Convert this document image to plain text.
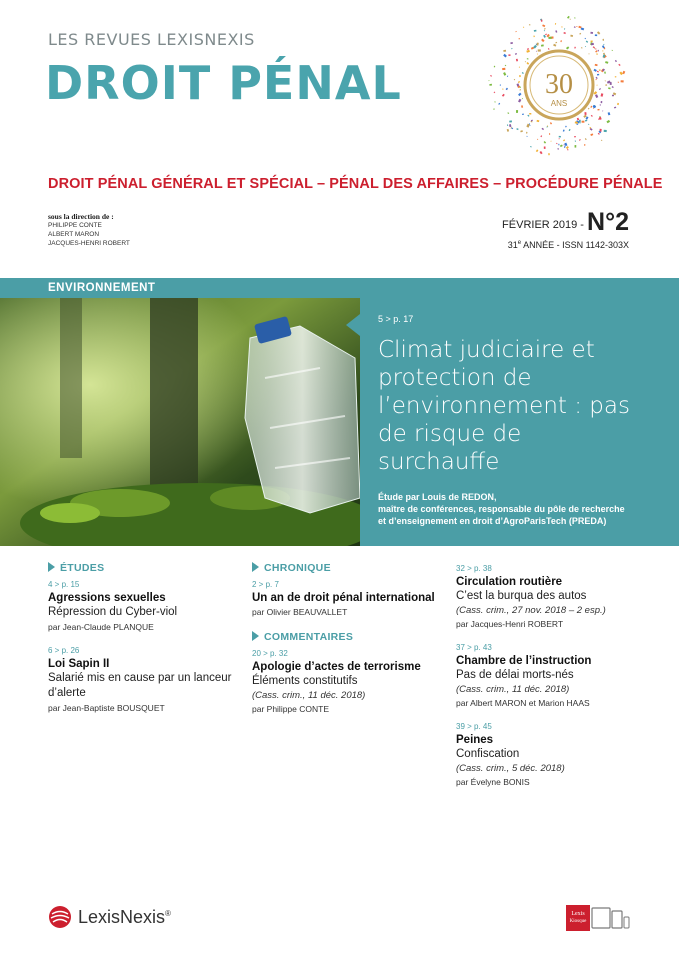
LES REVUES LEXISNEXIS
DROIT PÉNAL	30
ANS
DROIT PÉNAL GÉNÉRAL ET SPÉCIAL – PÉNAL DES AFFAIRES – PROCÉDURE PÉNALE
sous la direction de :
PHILIPPE CONTE
ALBERT MARON
JACQUES-HENRI ROBERT
FÉVRIER 2019 - N°2
31e ANNÉE - ISSN 1142-303X
ENVIRONNEMENT
5 > p. 17
Climat judiciaire et protection de l’environnement : pas de risque de surchauffe
Étude par Louis de REDON,
maître de conférences, responsable du pôle de recherche
et d’enseignement en droit d’AgroParisTech (PREDA)
ÉTUDES
4 > p. 15
Agressions sexuelles
Répression du Cyber-viol
par Jean-Claude PLANQUE
6 > p. 26
Loi Sapin II
Salarié mis en cause par un lanceur d’alerte
par Jean-Baptiste BOUSQUET
CHRONIQUE
2 > p. 7
Un an de droit pénal international
par Olivier BEAUVALLET
COMMENTAIRES
20 > p. 32
Apologie d’actes de terrorisme
Éléments constitutifs
(Cass. crim., 11 déc. 2018)
par Philippe CONTE
32 > p. 38
Circulation routière
C’est la burqua des autos
(Cass. crim., 27 nov. 2018 – 2 esp.)
par Jacques-Henri ROBERT
37 > p. 43
Chambre de l’instruction
Pas de délai morts-nés
(Cass. crim., 11 déc. 2018)
par Albert MARON et Marion HAAS
39 > p. 45
Peines
Confiscation
(Cass. crim., 5 déc. 2018)
par Évelyne BONIS
LexisNexis®	Lexis
Kiosque
